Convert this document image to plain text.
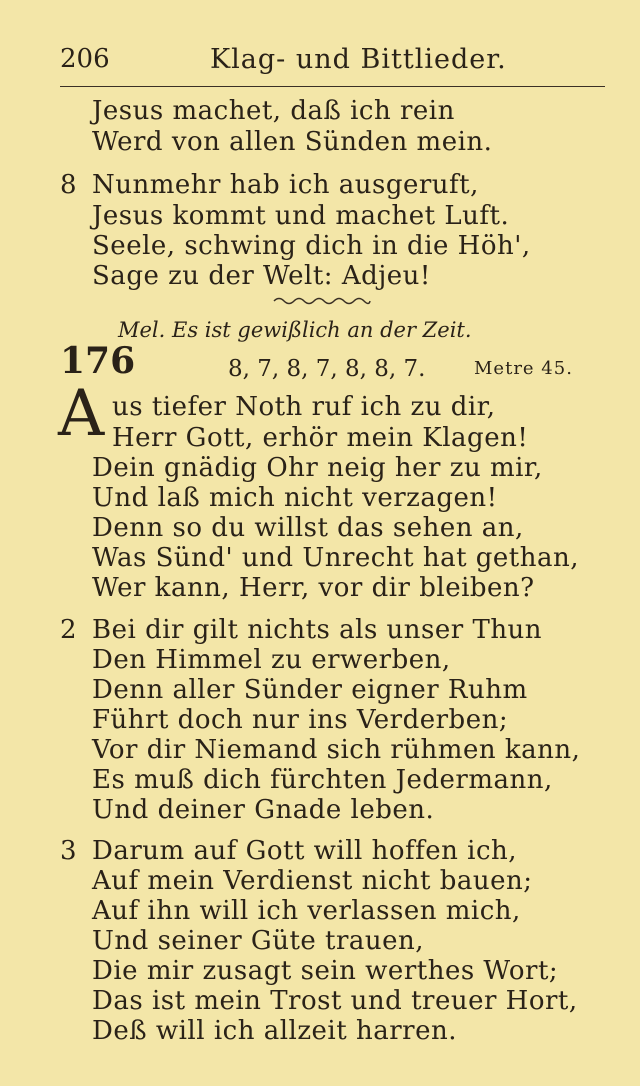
206	Klag- und Bittlieder.
Jesus machet, daß ich rein
Werd von allen Sünden mein.
8 Nunmehr hab ich ausgeruft,
Jesus kommt und machet Luft.
Seele, schwing dich in die Höh',
Sage zu der Welt: Adjeu!
Mel. Es ist gewißlich an der Zeit.
176	8, 7, 8, 7, 8, 8, 7.	Metre 45.
A us tiefer Noth ruf ich zu dir,
Herr Gott, erhör mein Klagen!
Dein gnädig Ohr neig her zu mir,
Und laß mich nicht verzagen!
Denn so du willst das sehen an,
Was Sünd' und Unrecht hat gethan,
Wer kann, Herr, vor dir bleiben?
2 Bei dir gilt nichts als unser Thun
Den Himmel zu erwerben,
Denn aller Sünder eigner Ruhm
Führt doch nur ins Verderben;
Vor dir Niemand sich rühmen kann,
Es muß dich fürchten Jedermann,
Und deiner Gnade leben.
3 Darum auf Gott will hoffen ich,
Auf mein Verdienst nicht bauen;
Auf ihn will ich verlassen mich,
Und seiner Güte trauen,
Die mir zusagt sein werthes Wort;
Das ist mein Trost und treuer Hort,
Deß will ich allzeit harren.
